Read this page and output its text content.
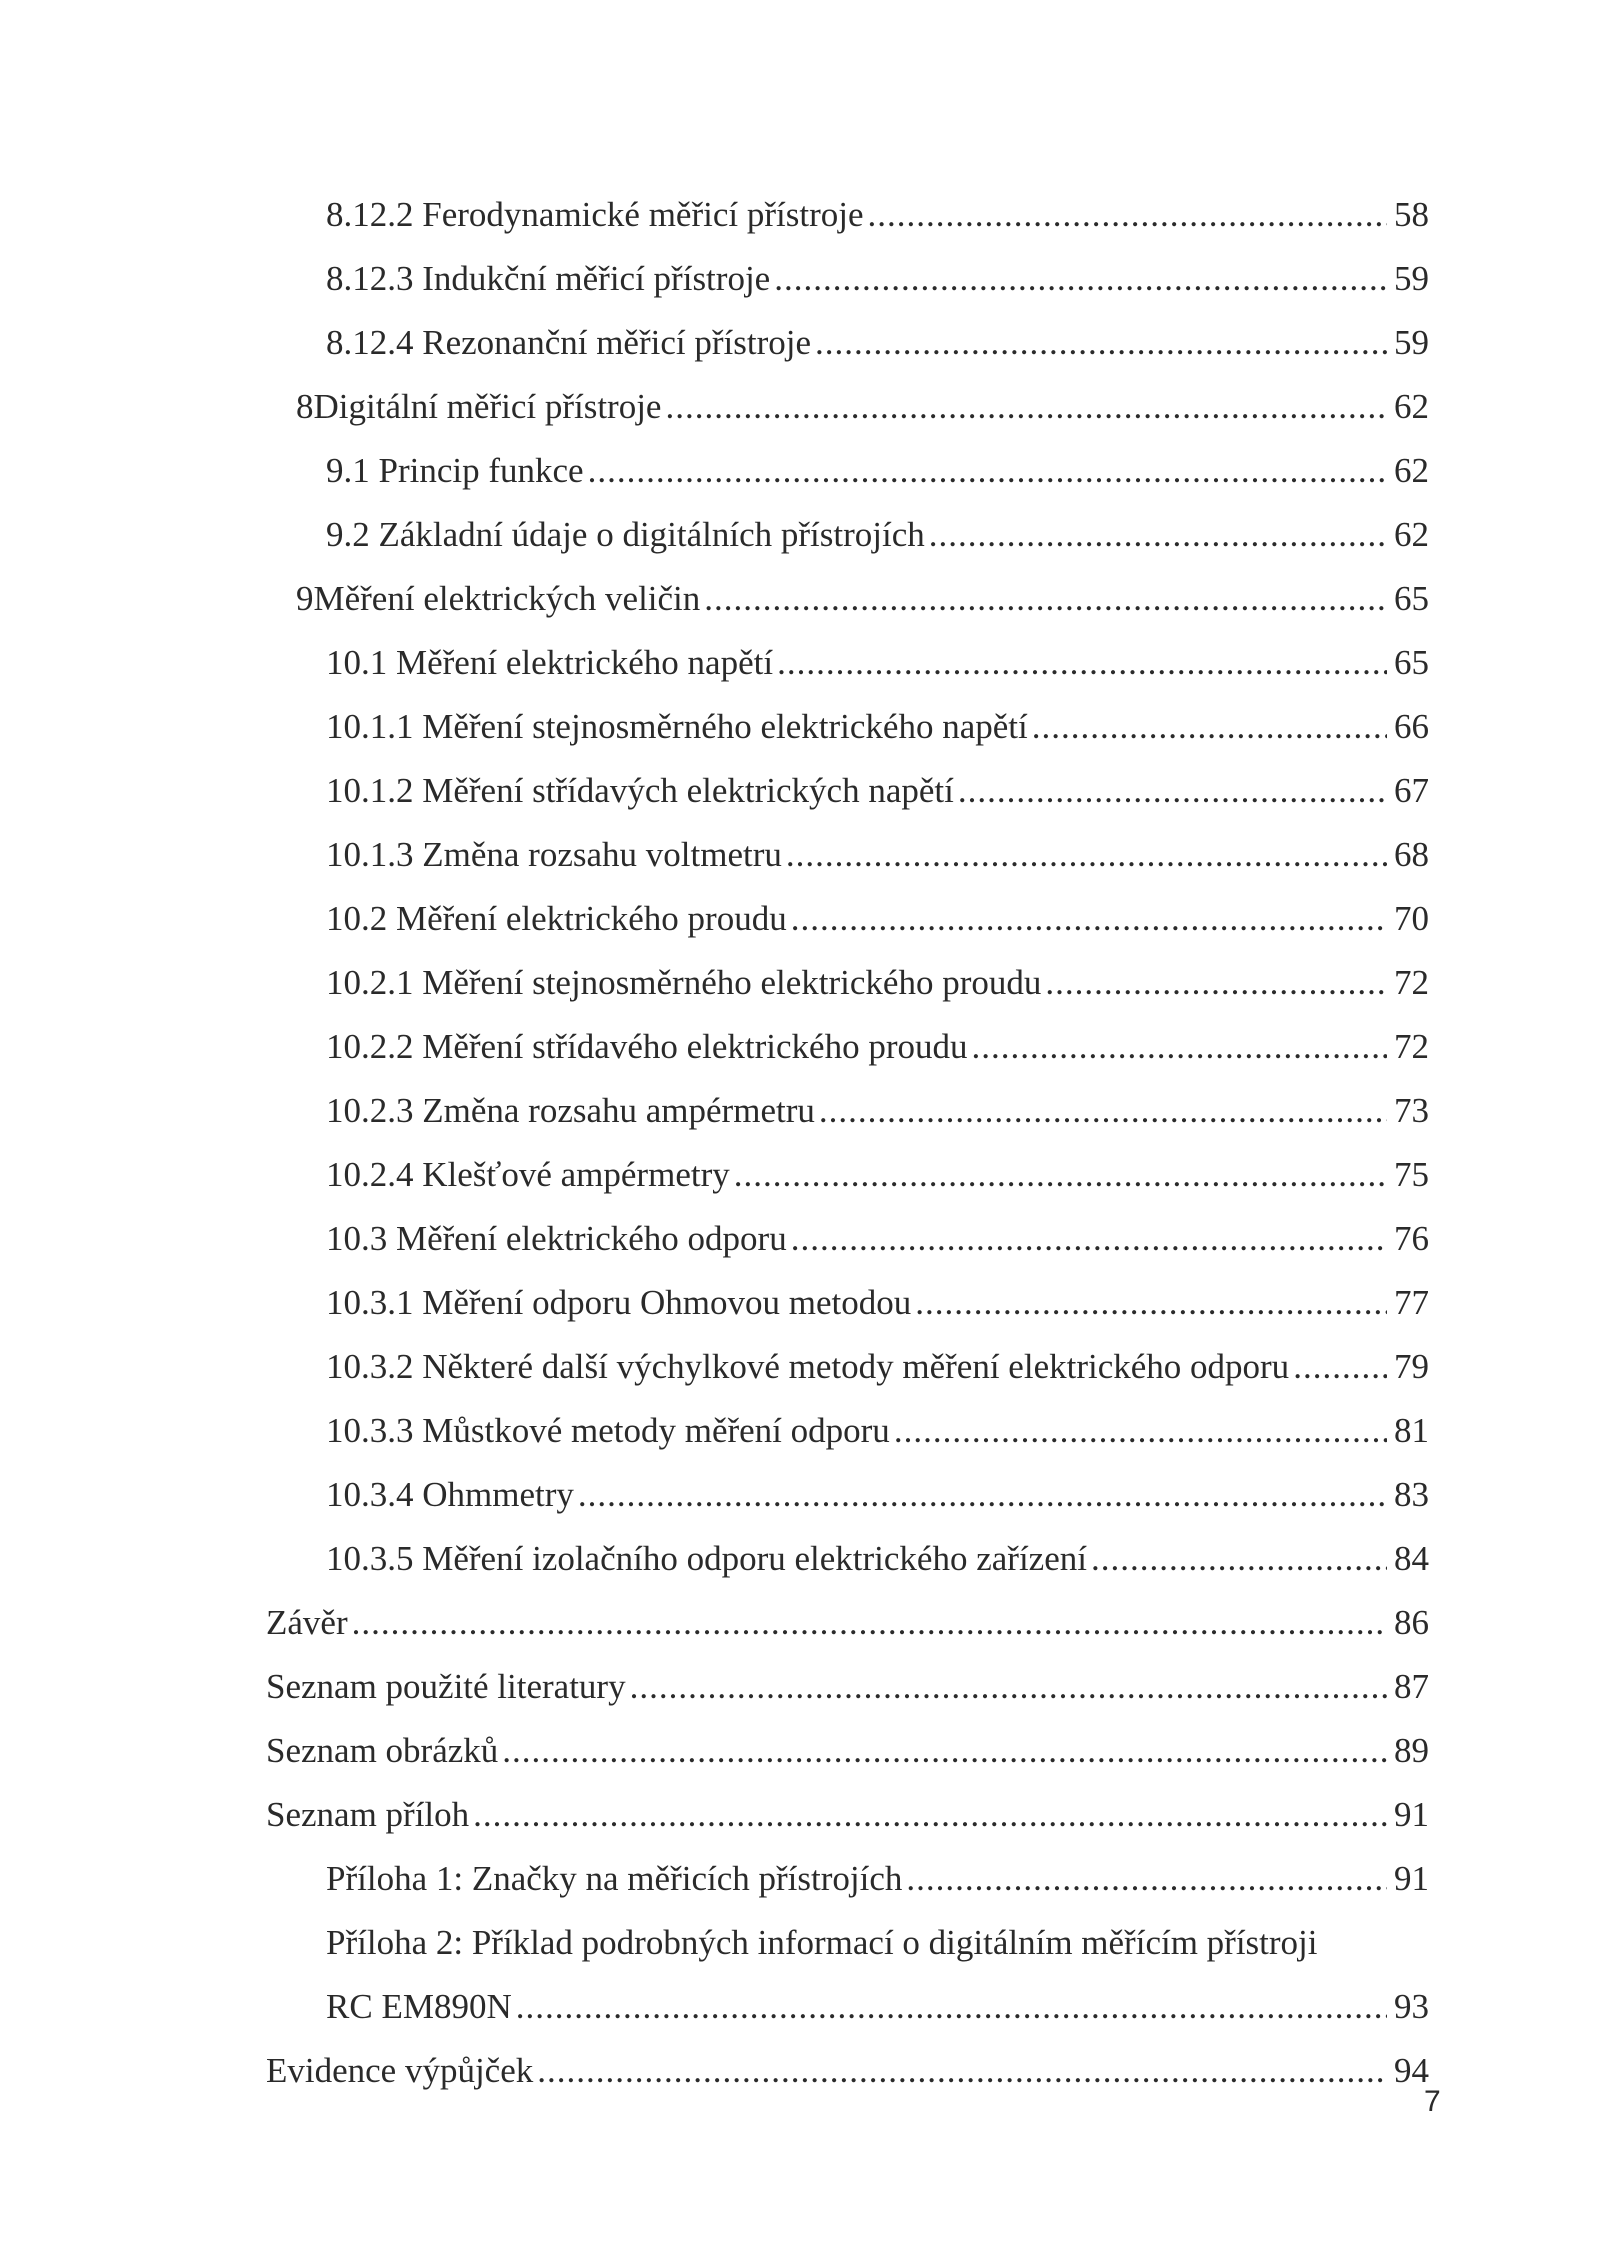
8.12.2 Ferodynamické měřicí přístroje .....	58
8.12.3 Indukční měřicí přístroje .....	59
8.12.4 Rezonanční měřicí přístroje .....	59
8 Digitální měřicí přístroje .....	62
9.1 Princip funkce .....	62
9.2 Základní údaje o digitálních přístrojích .....	62
9 Měření elektrických veličin .....	65
10.1 Měření elektrického napětí .....	65
10.1.1 Měření stejnosměrného elektrického napětí .....	66
10.1.2 Měření střídavých elektrických napětí .....	67
10.1.3 Změna rozsahu voltmetru .....	68
10.2 Měření elektrického proudu .....	70
10.2.1 Měření stejnosměrného elektrického proudu .....	72
10.2.2 Měření střídavého elektrického proudu .....	72
10.2.3 Změna rozsahu ampérmetru .....	73
10.2.4 Klešťové ampérmetry .....	75
10.3 Měření elektrického odporu .....	76
10.3.1 Měření odporu Ohmovou metodou .....	77
10.3.2 Některé další výchylkové metody měření elektrického odporu .....	79
10.3.3 Můstkové metody měření odporu .....	81
10.3.4 Ohmmetry .....	83
10.3.5 Měření izolačního odporu elektrického zařízení .....	84
Závěr .....	86
Seznam použité literatury .....	87
Seznam obrázků .....	89
Seznam příloh .....	91
Příloha 1: Značky na měřicích přístrojích .....	91
Příloha 2: Příklad podrobných informací o digitálním měřícím přístroji
RC EM890N .....	93
Evidence výpůjček .....	94
7
